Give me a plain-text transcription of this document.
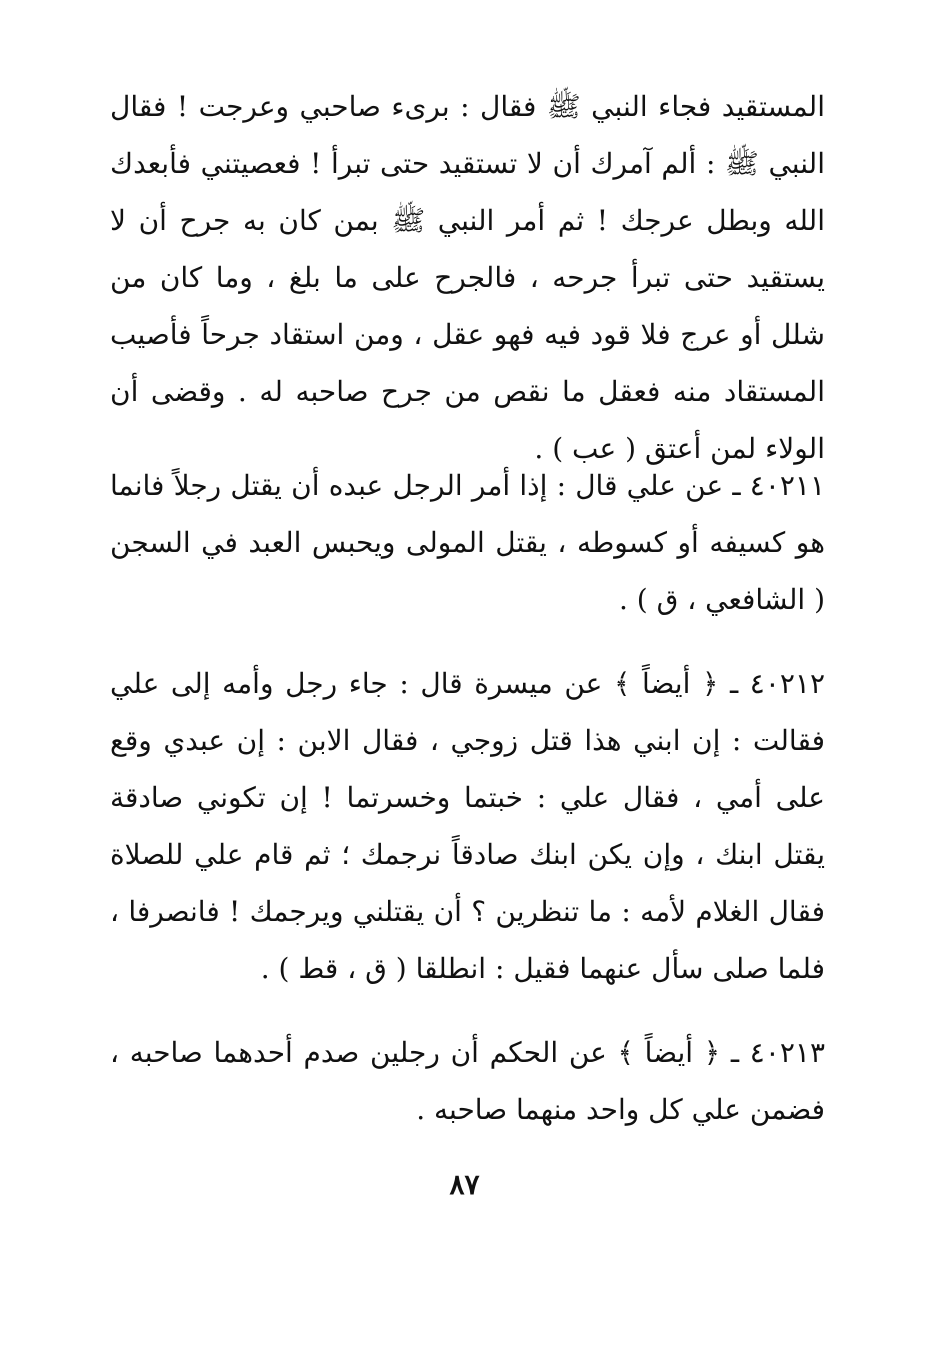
المستقيد فجاء النبي ﷺ فقال : برىء صاحبي وعرجت ! فقال النبي ﷺ : ألم آمرك أن لا تستقيد حتى تبرأ ! فعصيتني فأبعدك الله وبطل عرجك ! ثم أمر النبي ﷺ بمن كان به جرح أن لا يستقيد حتى تبرأ جرحه ، فالجرح على ما بلغ ، وما كان من شلل أو عرج فلا قود فيه فهو عقل ، ومن استقاد جرحاً فأصيب المستقاد منه فعقل ما نقص من جرح صاحبه له . وقضى أن الولاء لمن أعتق ( عب ) .

٤٠٢١١ ـ عن علي قال : إذا أمر الرجل عبده أن يقتل رجلاً فانما هو كسيفه أو كسوطه ، يقتل المولى ويحبس العبد في السجن ( الشافعي ، ق ) .

٤٠٢١٢ ـ ﴿ أيضاً ﴾ عن ميسرة قال : جاء رجل وأمه إلى علي فقالت : إن ابني هذا قتل زوجي ، فقال الابن : إن عبدي وقع على أمي ، فقال علي : خبتما وخسرتما ! إن تكوني صادقة يقتل ابنك ، وإن يكن ابنك صادقاً نرجمك ؛ ثم قام علي للصلاة فقال الغلام لأمه : ما تنظرين ؟ أن يقتلني ويرجمك ! فانصرفا ، فلما صلى سأل عنهما فقيل : انطلقا ( ق ، قط ) .

٤٠٢١٣ ـ ﴿ أيضاً ﴾ عن الحكم أن رجلين صدم أحدهما صاحبه ، فضمن علي كل واحد منهما صاحبه .

٨٧
